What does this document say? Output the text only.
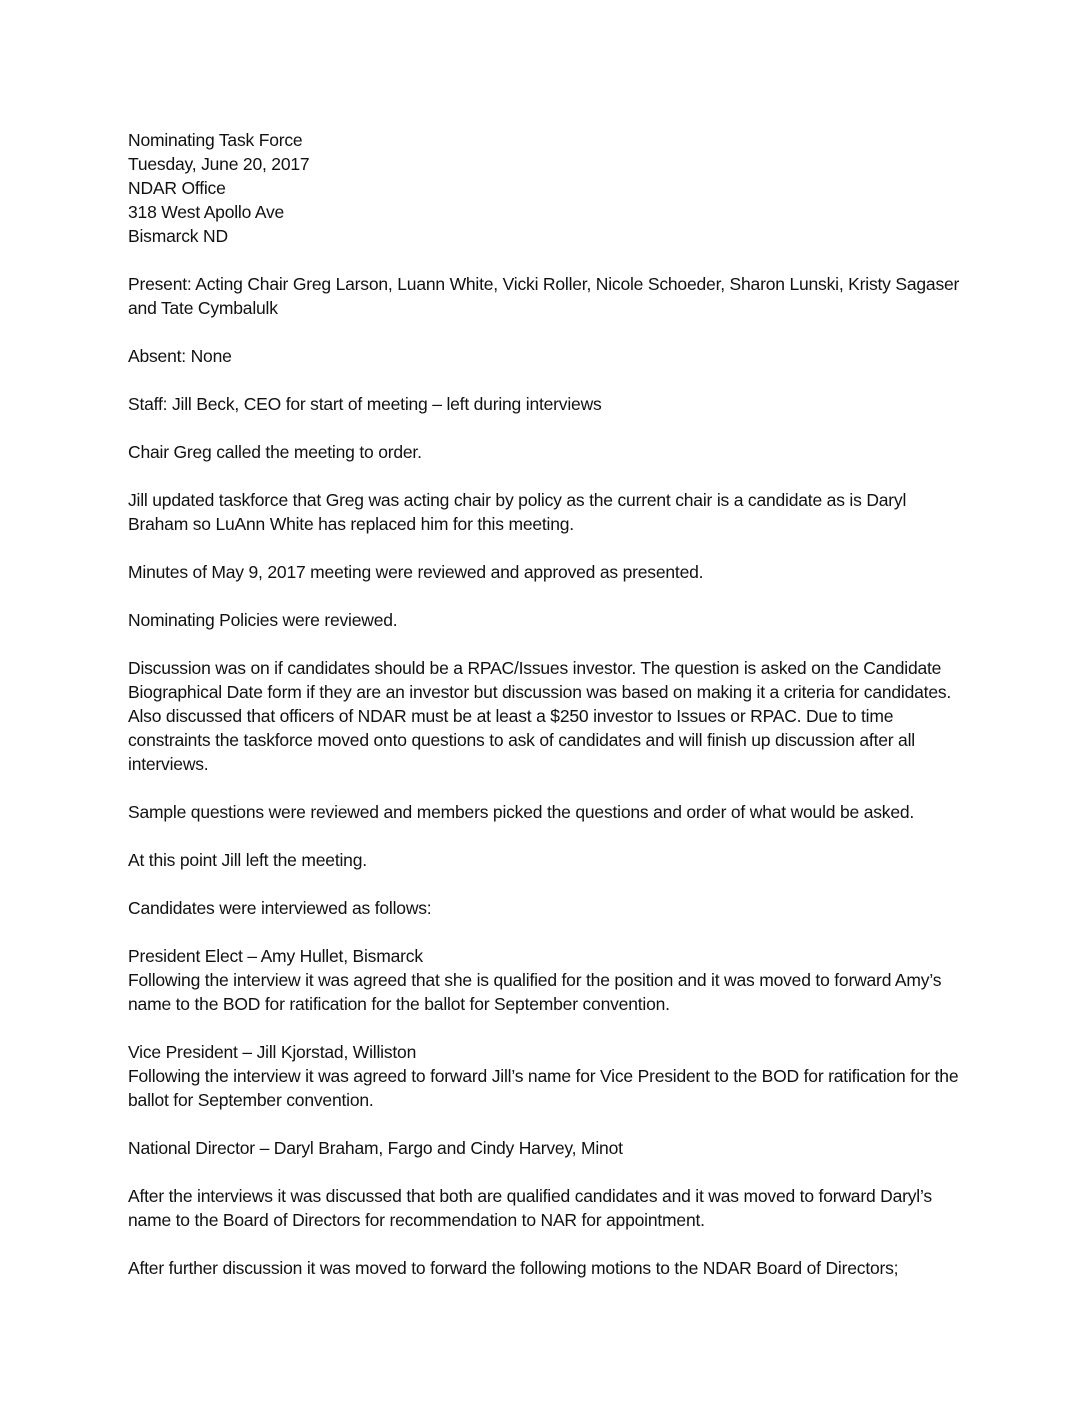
Nominating Task Force

Tuesday, June 20, 2017

NDAR Office

318 West Apollo Ave

Bismarck ND

Present: Acting Chair Greg Larson, Luann White, Vicki Roller, Nicole Schoeder, Sharon Lunski, Kristy Sagaser and Tate Cymbalulk

Absent: None

Staff: Jill Beck, CEO for start of meeting – left during interviews

Chair Greg called the meeting to order.

Jill updated taskforce that Greg was acting chair by policy as the current chair is a candidate as is Daryl Braham so LuAnn White has replaced him for this meeting.

Minutes of May 9, 2017 meeting were reviewed and approved as presented.

Nominating Policies were reviewed.

Discussion was on if candidates should be a RPAC/Issues investor. The question is asked on the Candidate Biographical Date form if they are an investor but discussion was based on making it a criteria for candidates. Also discussed that officers of NDAR must be at least a $250 investor to Issues or RPAC. Due to time constraints the taskforce moved onto questions to ask of candidates and will finish up discussion after all interviews.

Sample questions were reviewed and members picked the questions and order of what would be asked.

At this point Jill left the meeting.

Candidates were interviewed as follows:

President Elect – Amy Hullet, Bismarck

Following the interview it was agreed that she is qualified for the position and it was moved to forward Amy’s name to the BOD for ratification for the ballot for September convention.

Vice President – Jill Kjorstad, Williston

Following the interview it was agreed to forward Jill’s name for Vice President to the BOD for ratification for the ballot for September convention.

National Director – Daryl Braham, Fargo and Cindy Harvey, Minot

After the interviews it was discussed that both are qualified candidates and it was moved to forward Daryl’s name to the Board of Directors for recommendation to NAR for appointment.

After further discussion it was moved to forward the following motions to the NDAR Board of Directors;
